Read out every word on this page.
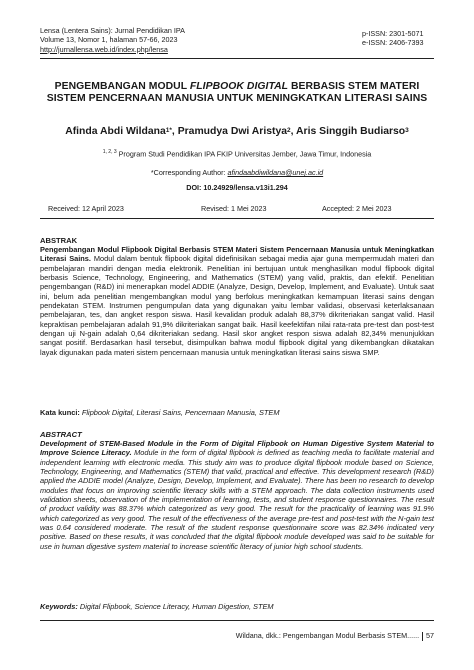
Lensa (Lentera Sains): Jurnal Pendidikan IPA
Volume 13, Nomor 1, halaman 57-66, 2023
http://jurnallensa.web.id/index.php/lensa
p-ISSN: 2301-5071
e-ISSN: 2406-7393
PENGEMBANGAN MODUL FLIPBOOK DIGITAL BERBASIS STEM MATERI SISTEM PENCERNAAN MANUSIA UNTUK MENINGKATKAN LITERASI SAINS
Afinda Abdi Wildana$^{1*}$, Pramudya Dwi Aristya$^2$, Aris Singgih Budiarso$^3$
$^{1, 2, 3}$ Program Studi Pendidikan IPA FKIP Universitas Jember, Jawa Timur, Indonesia
*Corresponding Author: afindaabdiwildana@unej.ac.id
DOI: 10.24929/lensa.v13i1.294
Received: 12 April 2023	Revised: 1 Mei 2023	Accepted: 2 Mei 2023
ABSTRAK
Pengembangan Modul Flipbook Digital Berbasis STEM Materi Sistem Pencernaan Manusia untuk Meningkatkan Literasi Sains. Modul dalam bentuk flipbook digital didefinisikan sebagai media ajar guna mempermudah materi dan pembelajaran mandiri dengan media elektronik. Penelitian ini bertujuan untuk menghasilkan modul flipbook digital berbasis Science, Technology, Engineering, and Mathematics (STEM) yang valid, praktis, dan efektif. Penelitian pengembangan (R&D) ini menerapkan model ADDIE (Analyze, Design, Develop, Implement, and Evaluate). Untuk saat ini, belum ada penelitian mengembangkan modul yang berfokus meningkatkan kemampuan literasi sains dengan pendekatan STEM. Instrumen pengumpulan data yang digunakan yaitu lembar validasi, observasi keterlaksanaan pembelajaran, tes, dan angket respon siswa. Hasil kevalidan produk adalah 88,37% dikriteriakan sangat valid. Hasil kepraktisan pembelajaran adalah 91,9% dikriteriakan sangat baik. Hasil keefektifan nilai rata-rata pre-test dan post-test dengan uji N-gain adalah 0,64 dikriteriakan sedang. Hasil skor angket respon siswa adalah 82,34% menunjukkan sangat positif. Berdasarkan hasil tersebut, disimpulkan bahwa modul flipbook digital yang dikembangkan dikatakan layak digunakan pada materi sistem pencernaan manusia untuk meningkatkan literasi sains siswa SMP.
Kata kunci: Flipbook Digital, Literasi Sains, Pencernaan Manusia, STEM
ABSTRACT
Development of STEM-Based Module in the Form of Digital Flipbook on Human Digestive System Material to Improve Science Literacy. Module in the form of digital flipbook is defined as teaching media to facilitate material and independent learning with electronic media. This study aim was to produce digital flipbook module based on Science, Technology, Engineering, and Mathematics (STEM) that valid, practical and effective. This development research (R&D) applied the ADDIE model (Analyze, Design, Develop, Implement, and Evaluate). There has been no research to develop modules that focus on improving scientific literacy skills with a STEM approach. The data collection instruments used validation sheets, observation of the implementation of learning, tests, and student response questionnaires. The result of product validity was 88.37% which categorized as very good. The result for the practicality of learning was 91.9% which categorized as very good. The result of the effectiveness of the average pre-test and post-test with the N-gain test was 0.64 considered moderate. The result of the student response questionnaire score was 82.34% indicated very positive. Based on these results, it was concluded that the digital flipbook module developed was said to be suitable for use in human digestive system material to increase scientific literacy of junior high school students.
Keywords: Digital Flipbook, Science Literacy, Human Digestion, STEM
Wildana, dkk.: Pengembangan Modul Berbasis STEM...... 57
